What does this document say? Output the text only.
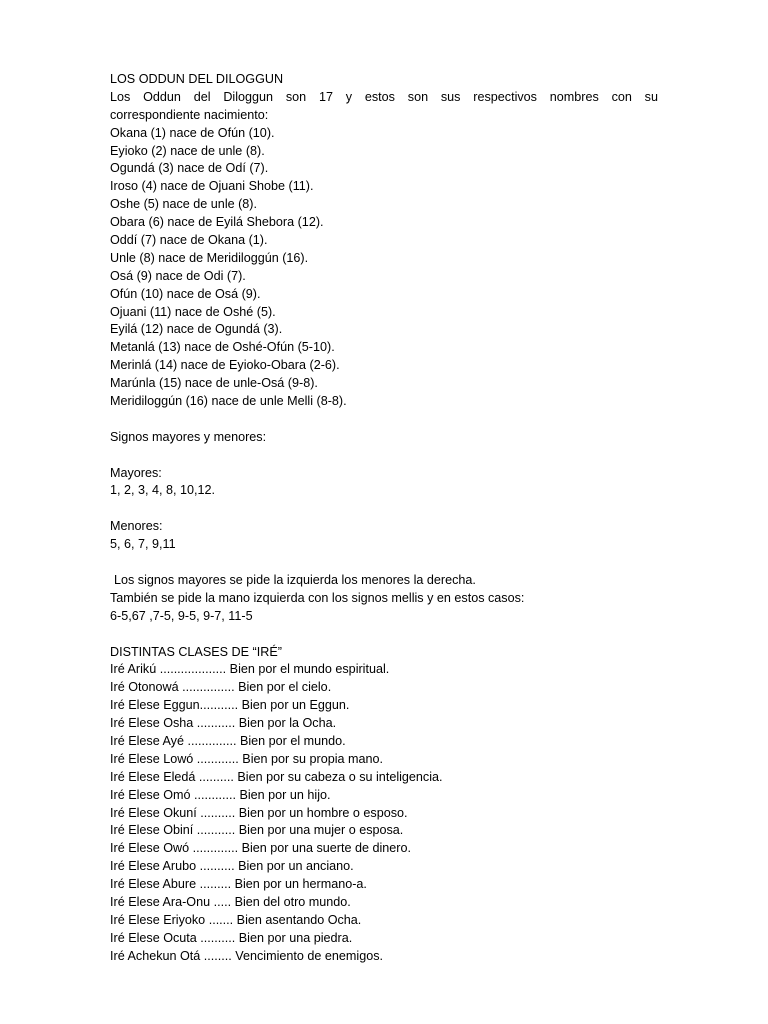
LOS ODDUN DEL DILOGGUN
Los Oddun del Diloggun son 17 y estos son sus respectivos nombres con su
correspondiente nacimiento:
Okana (1) nace de Ofún (10).
Eyioko (2) nace de unle (8).
Ogundá (3) nace de Odí (7).
Iroso (4) nace de Ojuani Shobe (11).
Oshe (5) nace de unle (8).
Obara (6) nace de Eyilá Shebora (12).
Oddí (7) nace de Okana (1).
Unle (8) nace de Meridiloggún (16).
Osá (9) nace de Odi (7).
Ofún (10) nace de Osá (9).
Ojuani (11) nace de Oshé (5).
Eyilá (12) nace de Ogundá (3).
Metanlá (13) nace de Oshé-Ofún (5-10).
Merinlá (14) nace de Eyioko-Obara (2-6).
Marúnla (15) nace de unle-Osá (9-8).
Meridiloggún (16) nace de unle Melli (8-8).
Signos mayores y menores:
Mayores:
1, 2, 3, 4, 8, 10,12.
Menores:
5, 6, 7, 9,11
Los signos mayores se pide la izquierda los menores la derecha.
También se pide la mano izquierda con los signos mellis y en estos casos:
6-5,67 ,7-5, 9-5, 9-7, 11-5
DISTINTAS CLASES DE “IRÉ”
Iré Arikú ................... Bien por el mundo espiritual.
Iré Otonowá ............... Bien por el cielo.
Iré Elese Eggun........... Bien por un Eggun.
Iré Elese Osha ........... Bien por la Ocha.
Iré Elese Ayé .............. Bien por el mundo.
Iré Elese Lowó ............ Bien por su propia mano.
Iré Elese Eledá .......... Bien por su cabeza o su inteligencia.
Iré Elese Omó ............ Bien por un hijo.
Iré Elese Okuní .......... Bien por un hombre o esposo.
Iré Elese Obiní ........... Bien por una mujer o esposa.
Iré Elese Owó ............. Bien por una suerte de dinero.
Iré Elese Arubo .......... Bien por un anciano.
Iré Elese Abure ......... Bien por un hermano-a.
Iré Elese Ara-Onu ..... Bien del otro mundo.
Iré Elese Eriyoko ....... Bien asentando Ocha.
Iré Elese Ocuta .......... Bien por una piedra.
Iré Achekun Otá ........ Vencimiento de enemigos.
